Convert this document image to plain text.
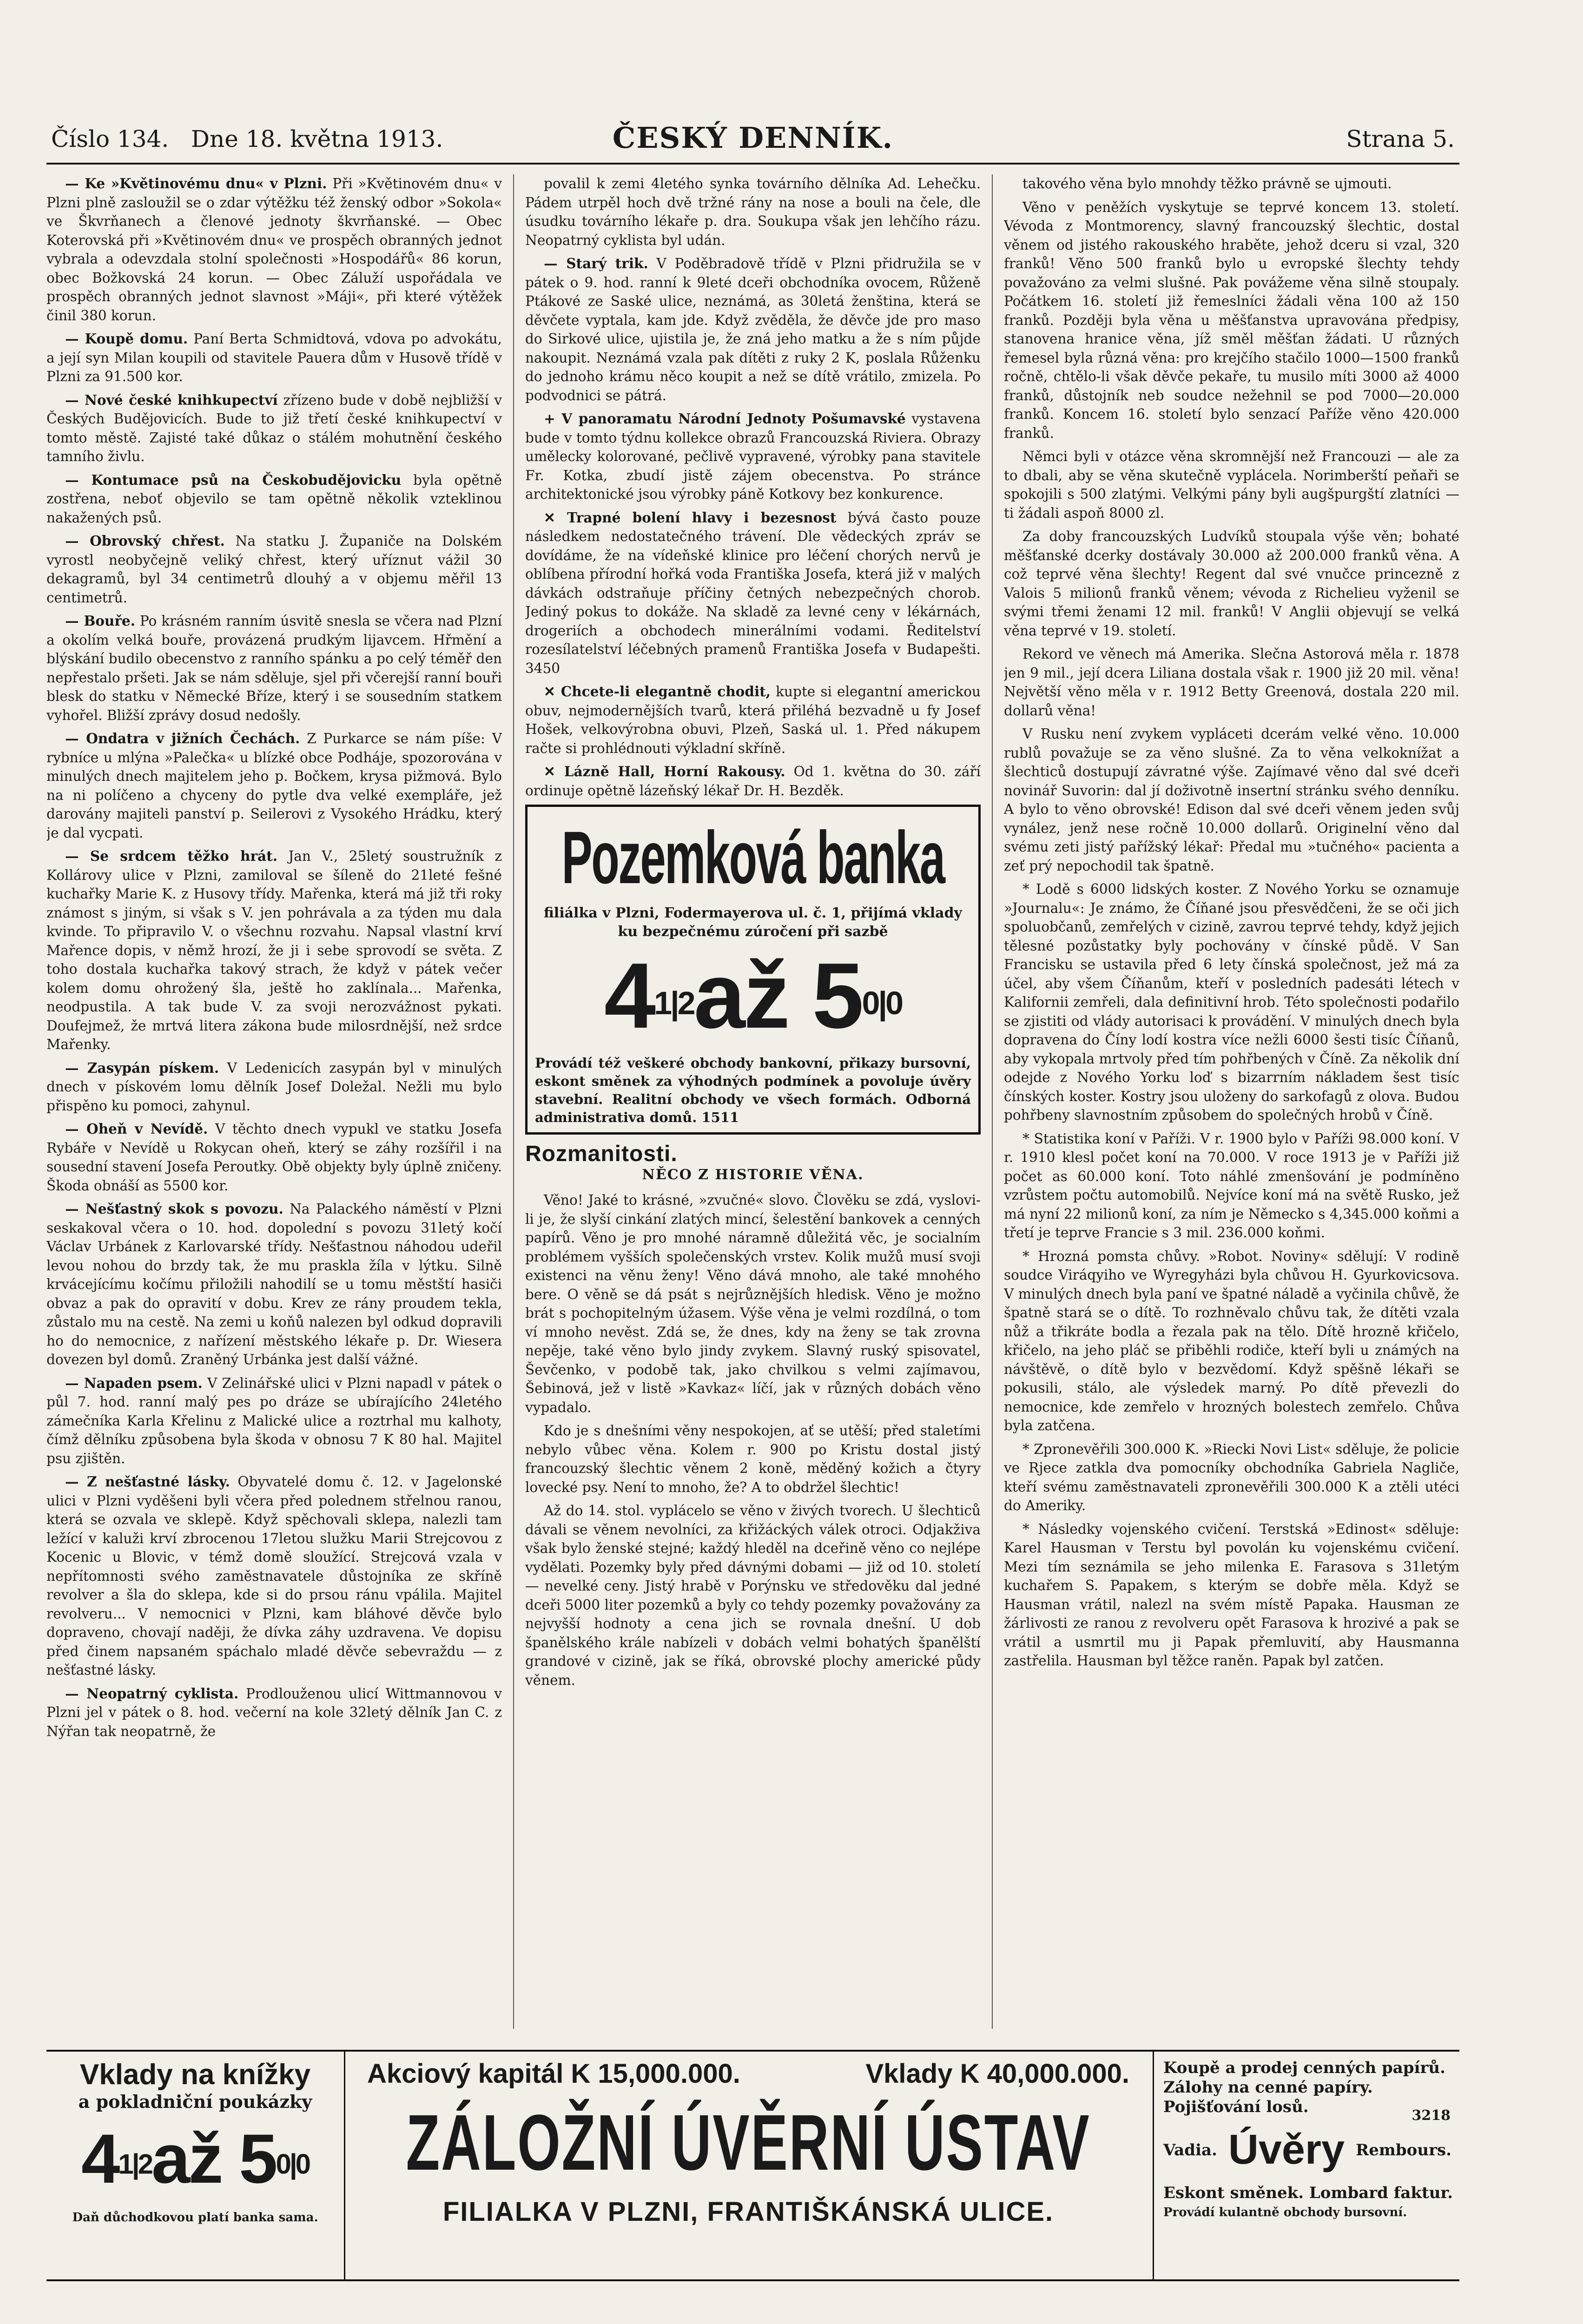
Číslo 134. Dne 18. května 1913.	ČESKÝ DENNÍK.	Strana 5.

— Ke »Květinovému dnu« v Plzni. Při »Květinovém dnu« v Plzni plně zasloužil se o zdar výtěžku též ženský odbor »Sokola« ve Škvrňanech a členové jednoty škvrňanské. — Obec Koterovská při »Květinovém dnu« ve prospěch obranných jednot vybrala a odevzdala stolní společnosti »Hospodářů« 86 korun, obec Božkovská 24 korun. — Obec Záluží uspořádala ve prospěch obranných jednot slavnost »Máji«, při které výtěžek činil 380 korun.

— Koupě domu. Paní Berta Schmidtová, vdova po advokátu, a její syn Milan koupili od stavitele Pauera dům v Husově třídě v Plzni za 91.500 kor.

— Nové české knihkupectví zřízeno bude v době nejbližší v Českých Budějovicích. Bude to již třetí české knihkupectví v tomto městě. Zajisté také důkaz o stálém mohutnění českého tamního živlu.

— Kontumace psů na Českobudějovicku byla opětně zostřena, neboť objevilo se tam opětně několik vzteklinou nakažených psů.

— Obrovský chřest. Na statku J. Županiče na Dolském vyrostl neobyčejně veliký chřest, který uříznut vážil 30 dekagramů, byl 34 centimetrů dlouhý a v objemu měřil 13 centimetrů.

— Bouře. Po krásném ranním úsvitě snesla se včera nad Plzní a okolím velká bouře, provázená prudkým lijavcem. Hřmění a blýskání budilo obecenstvo z ranního spánku a po celý téměř den nepřestalo pršeti. Jak se nám sděluje, sjel při včerejší ranní bouři blesk do statku v Německé Bříze, který i se sousedním statkem vyhořel. Bližší zprávy dosud nedošly.

— Ondatra v jižních Čechách. Z Purkarce se nám píše: V rybníce u mlýna »Palečka« u blízké obce Podháje, spozorována v minulých dnech majitelem jeho p. Bočkem, krysa pižmová. Bylo na ni políčeno a chyceny do pytle dva velké exempláře, jež darovány majiteli panství p. Seilerovi z Vysokého Hrádku, který je dal vycpati.

— Se srdcem těžko hrát. Jan V., 25letý soustružník z Kollárovy ulice v Plzni, zamiloval se šíleně do 21leté fešné kuchařky Marie K. z Husovy třídy. Mařenka, která má již tři roky známost s jiným, si však s V. jen pohrávala a za týden mu dala kvinde. To připravilo V. o všechnu rozvahu. Napsal vlastní krví Mařence dopis, v němž hrozí, že ji i sebe sprovodí se světa. Z toho dostala kuchařka takový strach, že když v pátek večer kolem domu ohrožený šla, ještě ho zaklínala... Mařenka, neodpustila. A tak bude V. za svoji nerozvážnost pykati. Doufejmež, že mrtvá litera zákona bude milosrdnější, než srdce Mařenky.

— Zasypán pískem. V Ledenicích zasypán byl v minulých dnech v pískovém lomu dělník Josef Doležal. Nežli mu bylo přispěno ku pomoci, zahynul.

— Oheň v Nevídě. V těchto dnech vypukl ve statku Josefa Rybáře v Nevídě u Rokycan oheň, který se záhy rozšířil i na sousední stavení Josefa Peroutky. Obě objekty byly úplně zničeny. Škoda obnáší as 5500 kor.

— Nešťastný skok s povozu. Na Palackého náměstí v Plzni seskakoval včera o 10. hod. dopolední s povozu 31letý kočí Václav Urbánek z Karlovarské třídy. Nešťastnou náhodou udeřil levou nohou do brzdy tak, že mu praskla žíla v lýtku. Silně krvácejícímu kočímu přiložili nahodilí se u tomu městští hasiči obvaz a pak do opravití v dobu. Krev ze rány proudem tekla, zůstalo mu na cestě. Na zemi u koňů nalezen byl odkud dopravili ho do nemocnice, z nařízení městského lékaře p. Dr. Wiesera dovezen byl domů. Zraněný Urbánka jest další vážné.

— Napaden psem. V Zelinářské ulici v Plzni napadl v pátek o půl 7. hod. ranní malý pes po dráze se ubírajícího 24letého zámečníka Karla Křelinu z Malické ulice a roztrhal mu kalhoty, čímž dělníku způsobena byla škoda v obnosu 7 K 80 hal. Majitel psu zjištěn.

— Z nešťastné lásky. Obyvatelé domu č. 12. v Jagelonské ulici v Plzni vyděšeni byli včera před polednem střelnou ranou, která se ozvala ve sklepě. Když spěchovali sklepa, nalezli tam ležící v kaluži krví zbrocenou 17letou služku Marii Strejcovou z Kocenic u Blovic, v témž domě sloužící. Strejcová vzala v nepřítomnosti svého zaměstnavatele důstojníka ze skříně revolver a šla do sklepa, kde si do prsou ránu vpálila. Majitel revolveru... V nemocnici v Plzni, kam bláhové děvče bylo dopraveno, chovají naději, že dívka záhy uzdravena. Ve dopisu před činem napsaném spáchalo mladé děvče sebevraždu — z nešťastné lásky.

— Neopatrný cyklista. Prodlouženou ulicí Wittmannovou v Plzni jel v pátek o 8. hod. večerní na kole 32letý dělník Jan C. z Nýřan tak neopatrně, že

povalil k zemi 4letého synka továrního dělníka Ad. Lehečku. Pádem utrpěl hoch dvě tržné rány na nose a bouli na čele, dle úsudku továrního lékaře p. dra. Soukupa však jen lehčího rázu. Neopatrný cyklista byl udán.

— Starý trik. V Poděbradově třídě v Plzni přidružila se v pátek o 9. hod. ranní k 9leté dceři obchodníka ovocem, Růženě Ptákové ze Saské ulice, neznámá, as 30letá ženština, která se děvčete vyptala, kam jde. Když zvěděla, že děvče jde pro maso do Sirkové ulice, ujistila je, že zná jeho matku a že s ním půjde nakoupit. Neznámá vzala pak dítěti z ruky 2 K, poslala Růženku do jednoho krámu něco koupit a než se dítě vrátilo, zmizela. Po podvodnici se pátrá.

+ V panoramatu Národní Jednoty Pošumavské vystavena bude v tomto týdnu kollekce obrazů Francouzská Riviera. Obrazy umělecky kolorované, pečlivě vypravené, výrobky pana stavitele Fr. Kotka, zbudí jistě zájem obecenstva. Po stránce architektonické jsou výrobky páně Kotkovy bez konkurence.

✕ Trapné bolení hlavy i bezesnost bývá často pouze následkem nedostatečného trávení. Dle vědeckých zpráv se dovídáme, že na vídeňské klinice pro léčení chorých nervů je oblíbena přírodní hořká voda Františka Josefa, která již v malých dávkách odstraňuje příčiny četných nebezpečných chorob. Jediný pokus to dokáže. Na skladě za levné ceny v lékárnách, drogeriích a obchodech minerálními vodami. Ředitelství rozesílatelství léčebných pramenů Františka Josefa v Budapešti. 3450

✕ Chcete-li elegantně chodit, kupte si elegantní americkou obuv, nejmodernějších tvarů, která přiléhá bezvadně u fy Josef Hošek, velkovýrobna obuvi, Plzeň, Saská ul. 1. Před nákupem račte si prohlédnouti výkladní skříně.

✕ Lázně Hall, Horní Rakousy. Od 1. května do 30. září ordinuje opětně lázeňský lékař Dr. H. Bezděk.

Pozemková banka
filiálka v Plzni, Fodermayerova ul. č. 1, přijímá vklady ku bezpečnému zúročení při sazbě
41|2až 50|0
Provádí též veškeré obchody bankovní, přikazy bursovní, eskont směnek za výhodných podmínek a povoluje úvěry stavební. Realitní obchody ve všech formách. Odborná administrativa domů. 1511
Rozmanitosti.
NĚCO Z HISTORIE VĚNA.

Věno! Jaké to krásné, »zvučné« slovo. Člověku se zdá, vyslovi-li je, že slyší cinkání zlatých mincí, šelestění bankovek a cenných papírů. Věno je pro mnohé náramně důležitá věc, je socialním problémem vyšších společenských vrstev. Kolik mužů musí svoji existenci na věnu ženy! Věno dává mnoho, ale také mnohého bere. O věně se dá psát s nejrůznějších hledisk. Věno je možno brát s pochopitelným úžasem. Výše věna je velmi rozdílná, o tom ví mnoho nevěst. Zdá se, že dnes, kdy na ženy se tak zrovna nepěje, také věno bylo jindy zvykem. Slavný ruský spisovatel, Ševčenko, v podobě tak, jako chvilkou s velmi zajímavou, Šebinová, jež v listě »Kavkaz« líčí, jak v různých dobách věno vypadalo.

Kdo je s dnešními věny nespokojen, ať se utěší; před staletími nebylo vůbec věna. Kolem r. 900 po Kristu dostal jistý francouzský šlechtic věnem 2 koně, měděný kožich a čtyry lovecké psy. Není to mnoho, že? A to obdržel šlechtic!

Až do 14. stol. vyplácelo se věno v živých tvorech. U šlechticů dávali se věnem nevolníci, za křižáckých válek otroci. Odjakživa však bylo ženské stejné; každý hleděl na dceřině věno co nejlépe vydělati. Pozemky byly před dávnými dobami — již od 10. století — nevelké ceny. Jistý hrabě v Porýnsku ve středověku dal jedné dceři 5000 liter pozemků a byly co tehdy pozemky považovány za nejvyšší hodnoty a cena jich se rovnala dnešní. U dob španělského krále nabízeli v dobách velmi bohatých španělští grandové v cizině, jak se říká, obrovské plochy americké půdy věnem.

takového věna bylo mnohdy těžko právně se ujmouti.

Věno v peněžích vyskytuje se teprvé koncem 13. století. Vévoda z Montmorency, slavný francouzský šlechtic, dostal věnem od jistého rakouského hraběte, jehož dceru si vzal, 320 franků! Věno 500 franků bylo u evropské šlechty tehdy považováno za velmi slušné. Pak povážeme věna silně stoupaly. Počátkem 16. století již řemeslníci žádali věna 100 až 150 franků. Později byla věna u měšťanstva upravována předpisy, stanovena hranice věna, jíž směl měšťan žádati. U různých řemesel byla různá věna: pro krejčího stačilo 1000—1500 franků ročně, chtělo-li však děvče pekaře, tu musilo míti 3000 až 4000 franků, důstojník neb soudce nežehnil se pod 7000—20.000 franků. Koncem 16. století bylo senzací Paříže věno 420.000 franků.

Němci byli v otázce věna skromnější než Francouzi — ale za to dbali, aby se věna skutečně vyplácela. Norimberští peňaři se spokojili s 500 zlatými. Velkými pány byli augšpurgští zlatníci — ti žádali aspoň 8000 zl.

Za doby francouzských Ludvíků stoupala výše věn; bohaté měšťanské dcerky dostávaly 30.000 až 200.000 franků věna. A což teprvé věna šlechty! Regent dal své vnučce princezně z Valois 5 milionů franků věnem; vévoda z Richelieu vyženil se svými třemi ženami 12 mil. franků! V Anglii objevují se velká věna teprvé v 19. století.

Rekord ve věnech má Amerika. Slečna Astorová měla r. 1878 jen 9 mil., její dcera Liliana dostala však r. 1900 již 20 mil. věna! Největší věno měla v r. 1912 Betty Greenová, dostala 220 mil. dollarů věna!

V Rusku není zvykem vypláceti dcerám velké věno. 10.000 rublů považuje se za věno slušné. Za to věna velkoknížat a šlechticů dostupují závratné výše. Zajímavé věno dal své dceři novinář Suvorin: dal jí doživotně insertní stránku svého denníku. A bylo to věno obrovské! Edison dal své dceři věnem jeden svůj vynález, jenž nese ročně 10.000 dollarů. Originelní věno dal svému zeti jistý pařížský lékař: Předal mu »tučného« pacienta a zeť prý nepochodil tak špatně.

* Lodě s 6000 lidských koster. Z Nového Yorku se oznamuje »Journalu«: Je známo, že Číňané jsou přesvědčeni, že se oči jich spoluobčanů, zemřelých v cizině, zavrou teprvé tehdy, když jejich tělesné pozůstatky byly pochovány v čínské půdě. V San Francisku se ustavila před 6 lety čínská společnost, jež má za účel, aby všem Číňanům, kteří v posledních padesáti létech v Kalifornii zemřeli, dala definitivní hrob. Této společnosti podařilo se zjistiti od vlády autorisaci k provádění. V minulých dnech byla dopravena do Číny lodí kostra více nežli 6000 šesti tisíc Číňanů, aby vykopala mrtvoly před tím pohřbených v Číně. Za několik dní odejde z Nového Yorku loď s bizarrním nákladem šest tisíc čínských koster. Kostry jsou uloženy do sarkofagů z olova. Budou pohřbeny slavnostním způsobem do společných hrobů v Číně.

* Statistika koní v Paříži. V r. 1900 bylo v Paříži 98.000 koní. V r. 1910 klesl počet koní na 70.000. V roce 1913 je v Paříži již počet as 60.000 koní. Toto náhlé zmenšování je podmíněno vzrůstem počtu automobilů. Nejvíce koní má na světě Rusko, jež má nyní 22 milionů koní, za ním je Německo s 4,345.000 koňmi a třetí je teprve Francie s 3 mil. 236.000 koňmi.

* Hrozná pomsta chůvy. »Robot. Noviny« sdělují: V rodině soudce Viráqyiho ve Wyregyházi byla chůvou H. Gyurkovicsova. V minulých dnech byla paní ve špatné náladě a vyčinila chůvě, že špatně stará se o dítě. To rozhněvalo chůvu tak, že dítěti vzala nůž a třikráte bodla a řezala pak na tělo. Dítě hrozně křičelo, křičelo, na jeho pláč se přiběhli rodiče, kteří byli u známých na návštěvě, o dítě bylo v bezvědomí. Když spěšně lékaři se pokusili, stálo, ale výsledek marný. Po dítě převezli do nemocnice, kde zemřelo v hrozných bolestech zemřelo. Chůva byla zatčena.

* Zpronevěřili 300.000 K. »Riecki Novi List« sděluje, že policie ve Rjece zatkla dva pomocníky obchodníka Gabriela Nagliče, kteří svému zaměstnavateli zpronevěřili 300.000 K a ztěli utéci do Ameriky.

* Následky vojenského cvičení. Terstská »Edinost« sděluje: Karel Hausman v Terstu byl povolán ku vojenskému cvičení. Mezi tím seznámila se jeho milenka E. Farasova s 31letým kuchařem S. Papakem, s kterým se dobře měla. Když se Hausman vrátil, nalezl na svém místě Papaka. Hausman ze žárlivosti ze ranou z revolveru opět Farasova k hrozivé a pak se vrátil a usmrtil mu ji Papak přemluvití, aby Hausmanna zastřelila. Hausman byl těžce raněn. Papak byl zatčen.

Vklady na knížky
a pokladniční poukázky
41|2až 50|0
Daň důchodkovou platí banka sama.
Akciový kapitál K 15,000.000.	Vklady K 40,000.000.
ZÁLOŽNÍ ÚVĚRNÍ ÚSTAV
FILIALKA V PLZNI, FRANTIŠKÁNSKÁ ULICE.
Koupě a prodej cenných papírů. Zálohy na cenné papíry. Pojišťování losů.	3218
Vadia. Úvěry Rembours.
Eskont směnek. Lombard faktur.
Provádí kulantně obchody bursovní.
